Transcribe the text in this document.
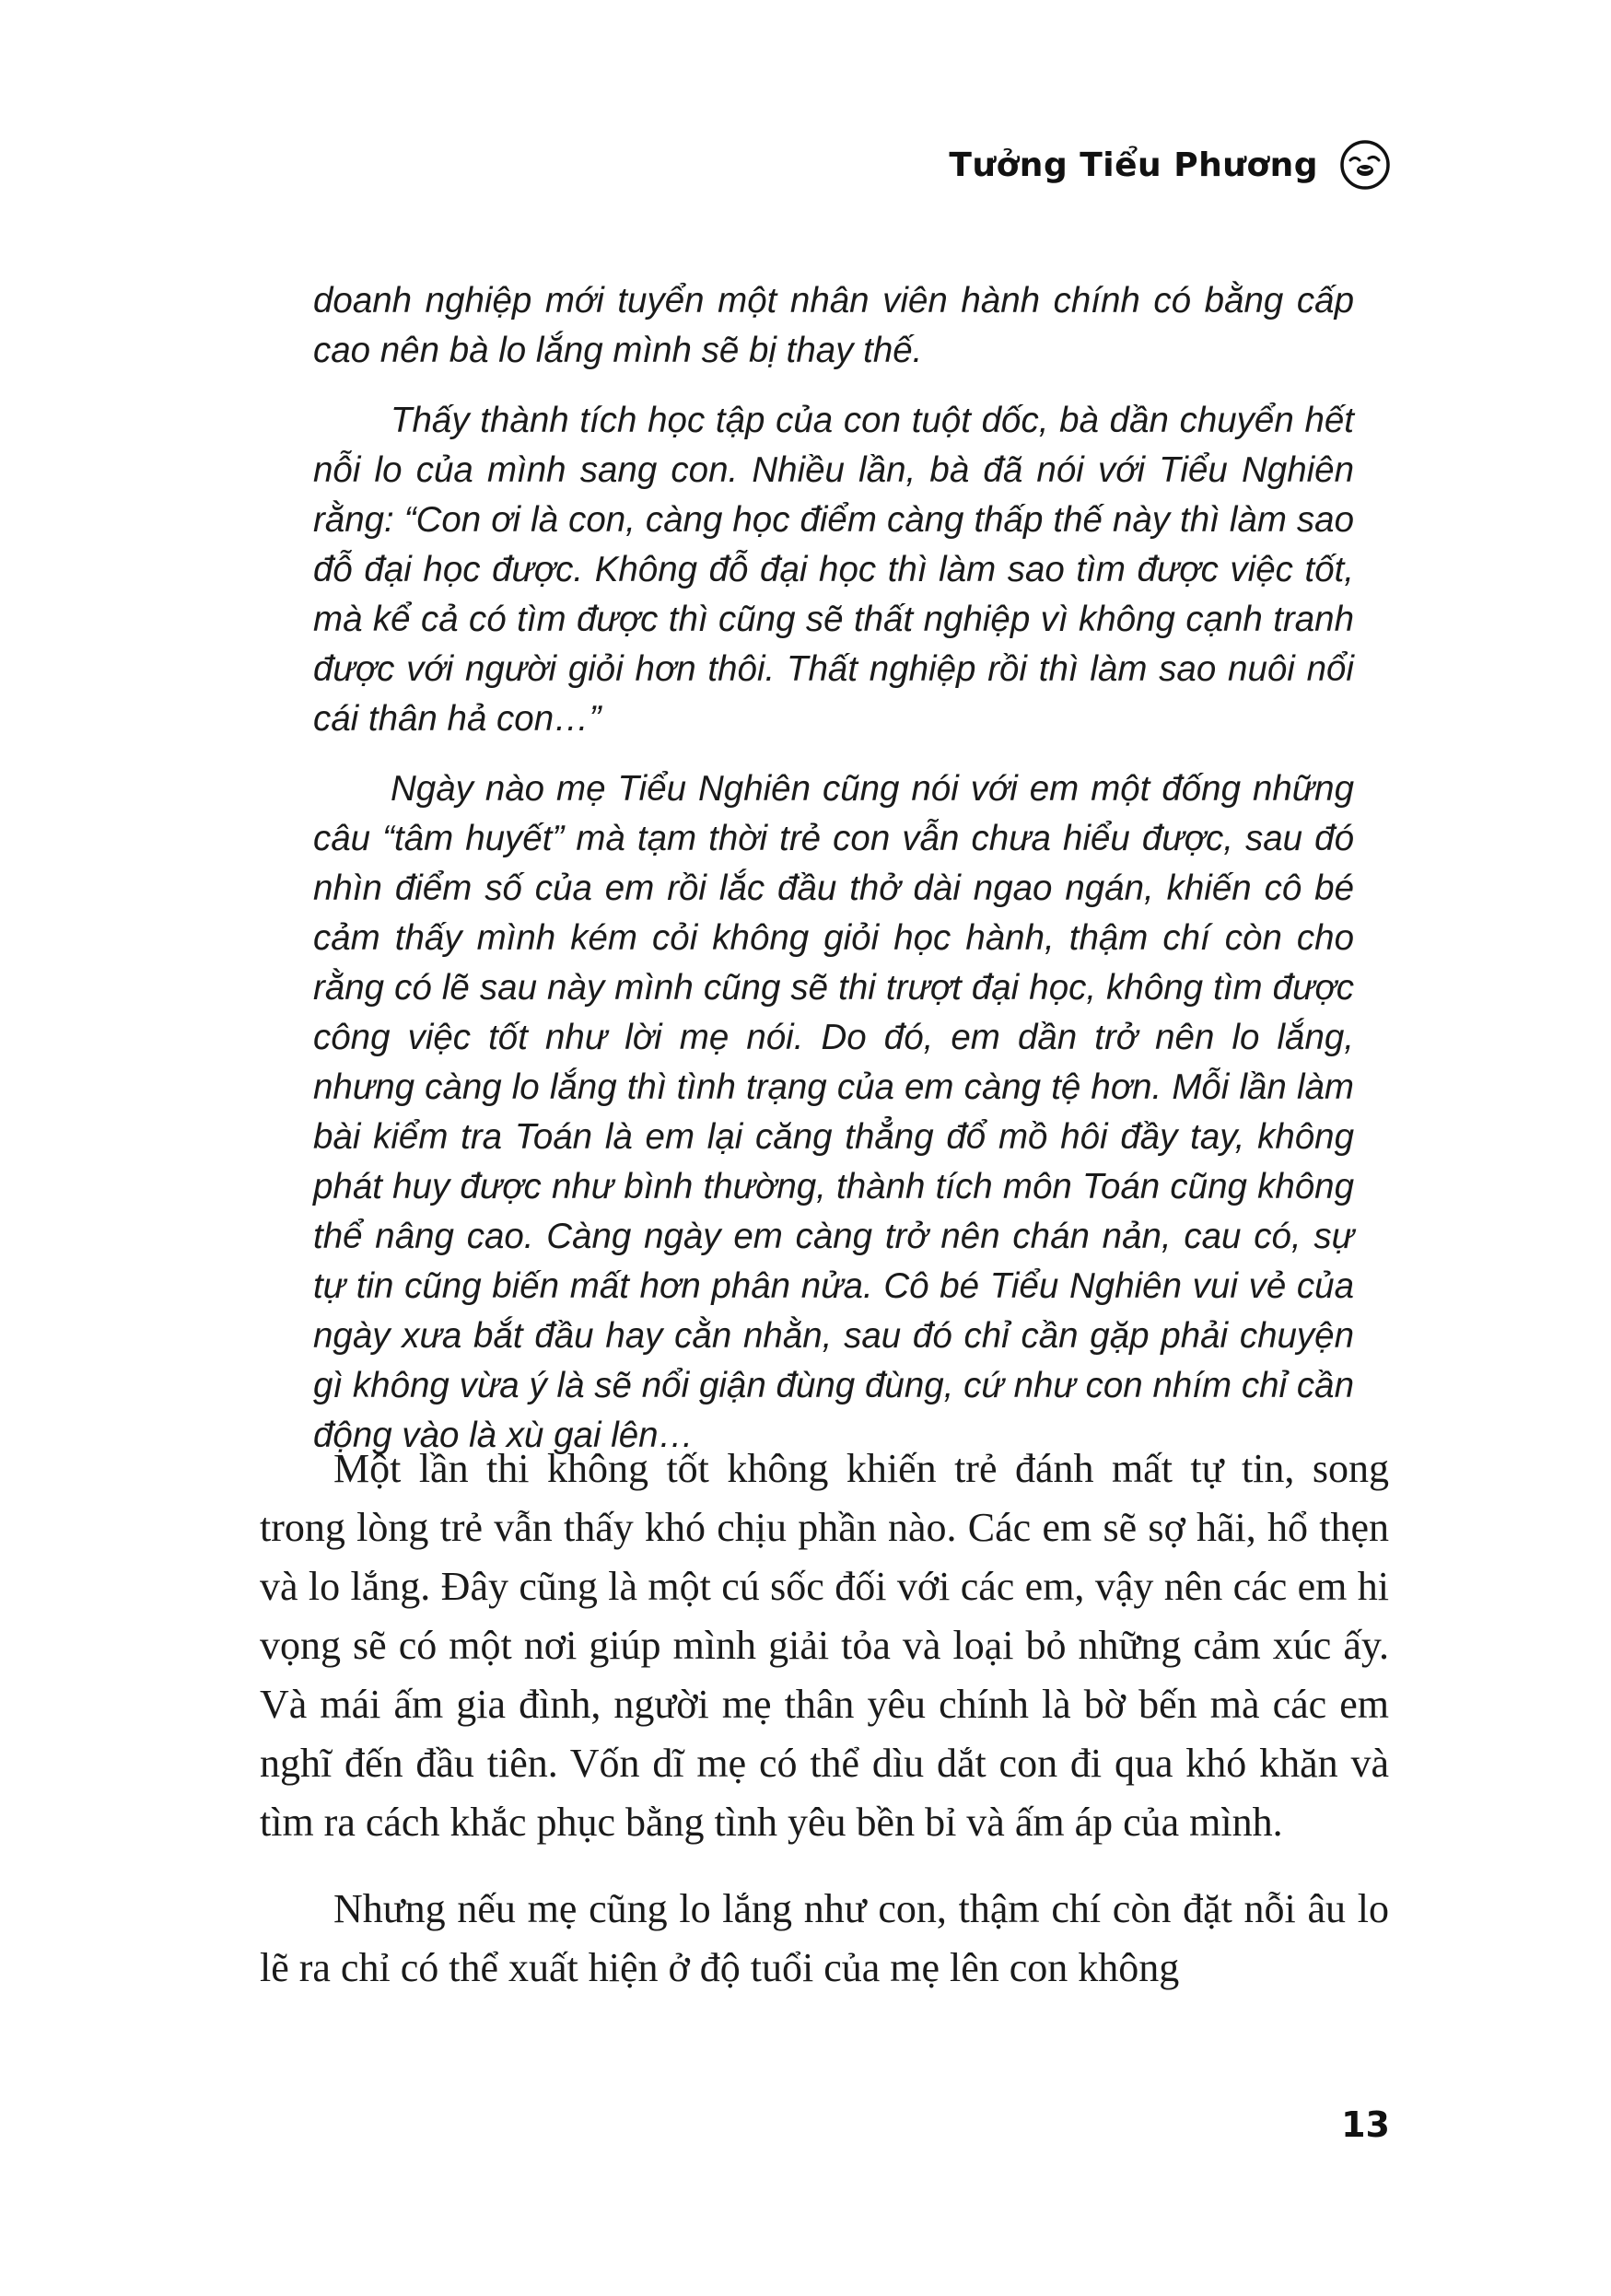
Tưởng Tiểu Phương

doanh nghiệp mới tuyển một nhân viên hành chính có bằng cấp cao nên bà lo lắng mình sẽ bị thay thế.

Thấy thành tích học tập của con tuột dốc, bà dần chuyển hết nỗi lo của mình sang con. Nhiều lần, bà đã nói với Tiểu Nghiên rằng: “Con ơi là con, càng học điểm càng thấp thế này thì làm sao đỗ đại học được. Không đỗ đại học thì làm sao tìm được việc tốt, mà kể cả có tìm được thì cũng sẽ thất nghiệp vì không cạnh tranh được với người giỏi hơn thôi. Thất nghiệp rồi thì làm sao nuôi nổi cái thân hả con…”

Ngày nào mẹ Tiểu Nghiên cũng nói với em một đống những câu “tâm huyết” mà tạm thời trẻ con vẫn chưa hiểu được, sau đó nhìn điểm số của em rồi lắc đầu thở dài ngao ngán, khiến cô bé cảm thấy mình kém cỏi không giỏi học hành, thậm chí còn cho rằng có lẽ sau này mình cũng sẽ thi trượt đại học, không tìm được công việc tốt như lời mẹ nói. Do đó, em dần trở nên lo lắng, nhưng càng lo lắng thì tình trạng của em càng tệ hơn. Mỗi lần làm bài kiểm tra Toán là em lại căng thẳng đổ mồ hôi đầy tay, không phát huy được như bình thường, thành tích môn Toán cũng không thể nâng cao. Càng ngày em càng trở nên chán nản, cau có, sự tự tin cũng biến mất hơn phân nửa. Cô bé Tiểu Nghiên vui vẻ của ngày xưa bắt đầu hay cằn nhằn, sau đó chỉ cần gặp phải chuyện gì không vừa ý là sẽ nổi giận đùng đùng, cứ như con nhím chỉ cần động vào là xù gai lên…

Một lần thi không tốt không khiến trẻ đánh mất tự tin, song trong lòng trẻ vẫn thấy khó chịu phần nào. Các em sẽ sợ hãi, hổ thẹn và lo lắng. Đây cũng là một cú sốc đối với các em, vậy nên các em hi vọng sẽ có một nơi giúp mình giải tỏa và loại bỏ những cảm xúc ấy. Và mái ấm gia đình, người mẹ thân yêu chính là bờ bến mà các em nghĩ đến đầu tiên. Vốn dĩ mẹ có thể dìu dắt con đi qua khó khăn và tìm ra cách khắc phục bằng tình yêu bền bỉ và ấm áp của mình.

Nhưng nếu mẹ cũng lo lắng như con, thậm chí còn đặt nỗi âu lo lẽ ra chỉ có thể xuất hiện ở độ tuổi của mẹ lên con không

13
